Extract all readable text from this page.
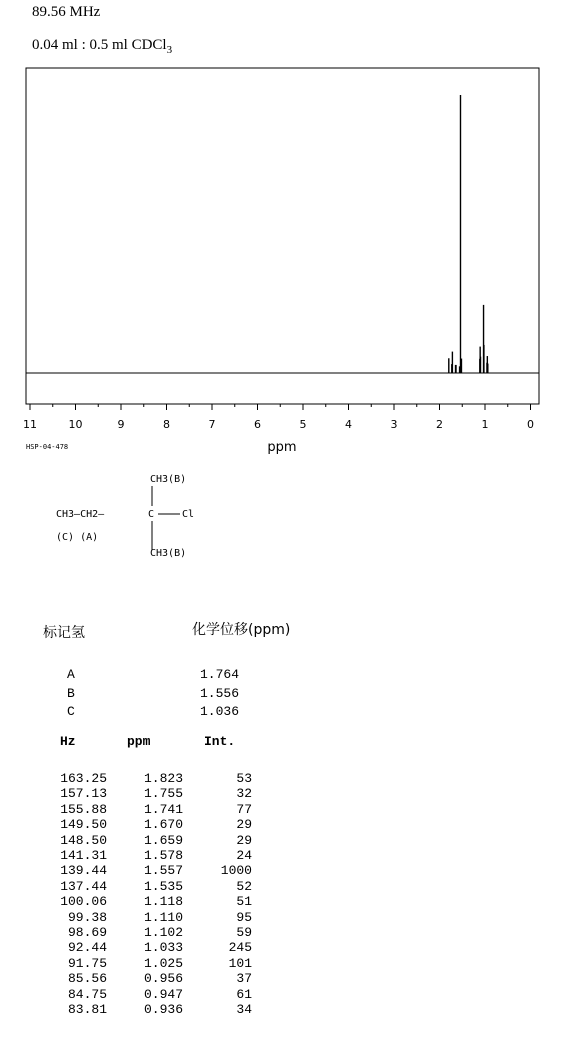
89.56 MHz
0.04 ml : 0.5 ml CDCl$_3$
11	10	9	8	7	6	5	4	3	2	1	0
ppm
HSP-04-478
CH3(B)
CH3—CH2—	C	Cl
(C) (A)
CH3(B)
标记氢	化学位移(ppm)
A	1.764
B	1.556
C	1.036
Hz	ppm	Int.
163.25	1.823	53
157.13	1.755	32
155.88	1.741	77
149.50	1.670	29
148.50	1.659	29
141.31	1.578	24
139.44	1.557	1000
137.44	1.535	52
100.06	1.118	51
99.38	1.110	95
98.69	1.102	59
92.44	1.033	245
91.75	1.025	101
85.56	0.956	37
84.75	0.947	61
83.81	0.936	34
